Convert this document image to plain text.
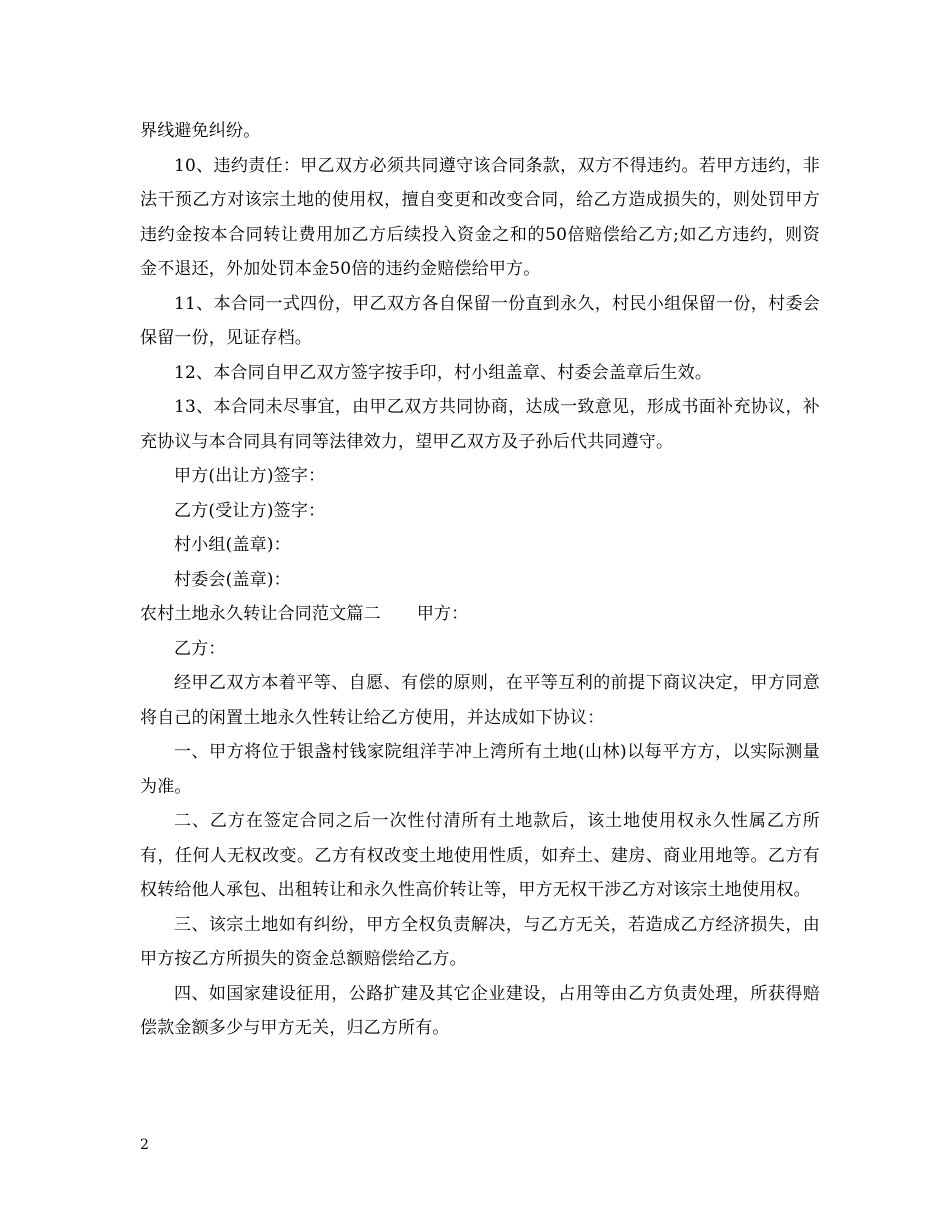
界线避免纠纷。

10、违约责任：甲乙双方必须共同遵守该合同条款，双方不得违约。若甲方违约，非法干预乙方对该宗土地的使用权，擅自变更和改变合同，给乙方造成损失的，则处罚甲方违约金按本合同转让费用加乙方后续投入资金之和的50倍赔偿给乙方;如乙方违约，则资金不退还，外加处罚本金50倍的违约金赔偿给甲方。

11、本合同一式四份，甲乙双方各自保留一份直到永久，村民小组保留一份，村委会保留一份，见证存档。

12、本合同自甲乙双方签字按手印，村小组盖章、村委会盖章后生效。

13、本合同未尽事宜，由甲乙双方共同协商，达成一致意见，形成书面补充协议，补充协议与本合同具有同等法律效力，望甲乙双方及子孙后代共同遵守。

甲方(出让方)签字：

乙方(受让方)签字：

村小组(盖章)：

村委会(盖章)：

农村土地永久转让合同范文篇二 甲方：

乙方：

经甲乙双方本着平等、自愿、有偿的原则，在平等互利的前提下商议决定，甲方同意将自己的闲置土地永久性转让给乙方使用，并达成如下协议：

一、甲方将位于银盏村钱家院组洋芋冲上湾所有土地(山林)以每平方方，以实际测量为准。

二、乙方在签定合同之后一次性付清所有土地款后，该土地使用权永久性属乙方所有，任何人无权改变。乙方有权改变土地使用性质，如弃土、建房、商业用地等。乙方有权转给他人承包、出租转让和永久性高价转让等，甲方无权干涉乙方对该宗土地使用权。

三、该宗土地如有纠纷，甲方全权负责解决，与乙方无关，若造成乙方经济损失，由甲方按乙方所损失的资金总额赔偿给乙方。

四、如国家建设征用，公路扩建及其它企业建设，占用等由乙方负责处理，所获得赔偿款金额多少与甲方无关，归乙方所有。

2
